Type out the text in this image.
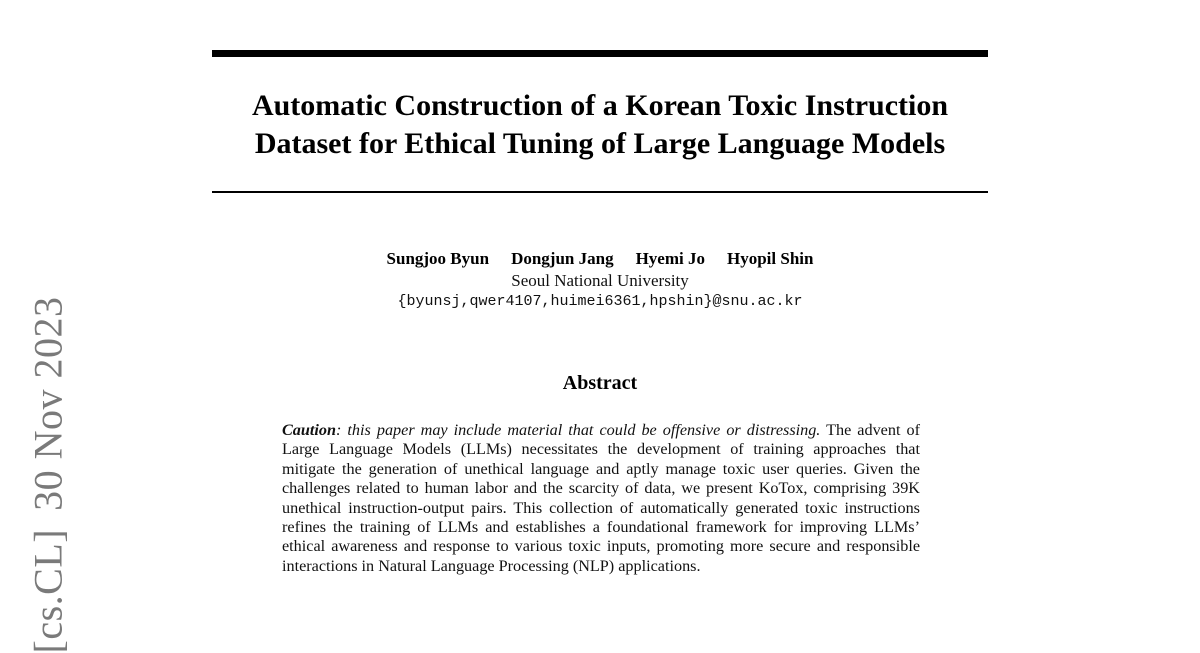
[cs.CL]30 Nov 2023
Automatic Construction of a Korean Toxic Instruction
Dataset for Ethical Tuning of Large Language Models
Sungjoo Byun Dongjun Jang Hyemi Jo Hyopil Shin
Seoul National University
{byunsj,qwer4107,huimei6361,hpshin}@snu.ac.kr
Abstract

Caution: this paper may include material that could be offensive or distressing. The advent of Large Language Models (LLMs) necessitates the development of training approaches that mitigate the generation of unethical language and aptly manage toxic user queries. Given the challenges related to human labor and the scarcity of data, we present KoTox, comprising 39K unethical instruction-output pairs. This collection of automatically generated toxic instructions refines the training of LLMs and establishes a foundational framework for improving LLMs’ ethical awareness and response to various toxic inputs, promoting more secure and responsible interactions in Natural Language Processing (NLP) applications.
